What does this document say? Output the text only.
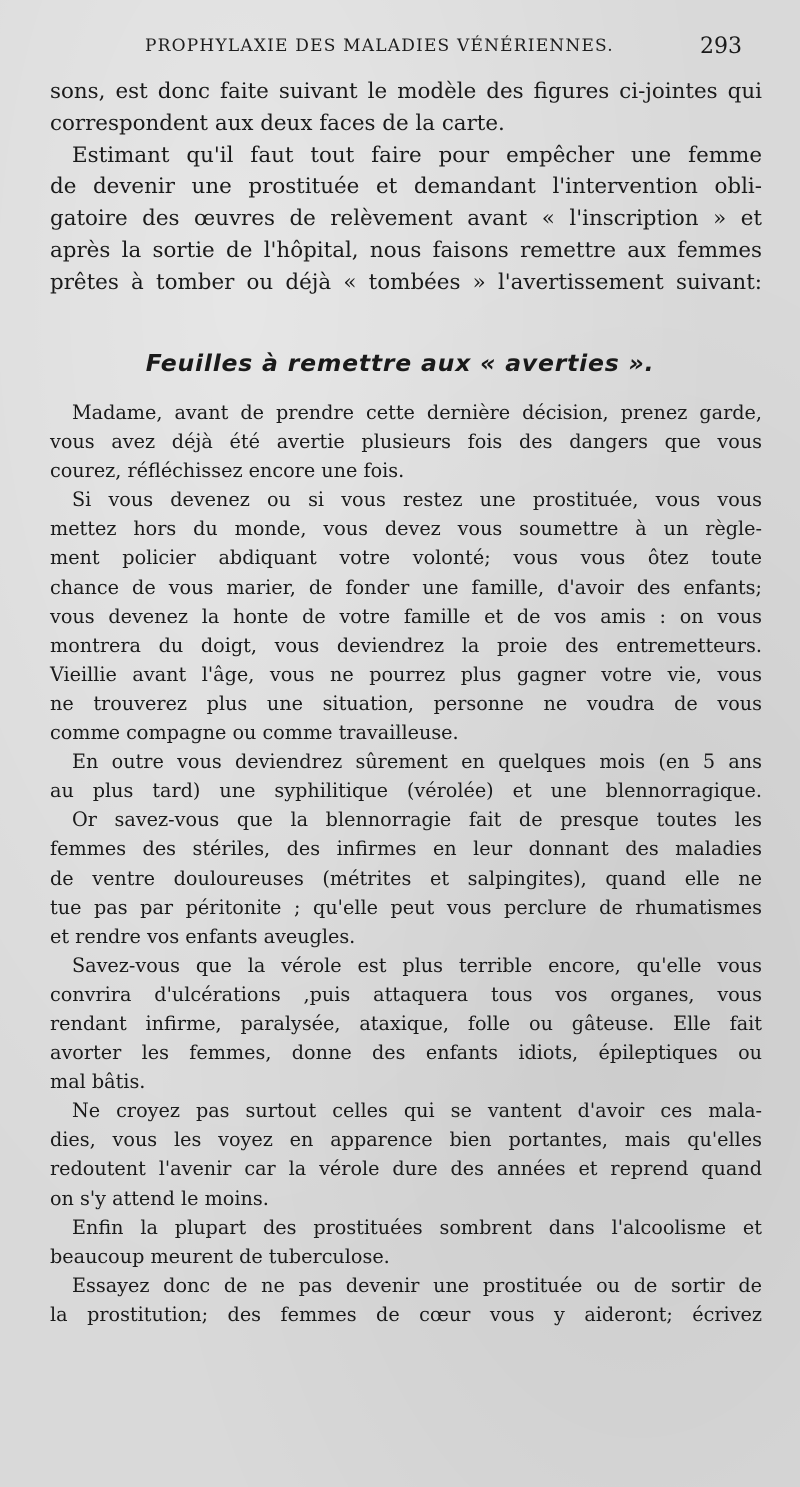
PROPHYLAXIE DES MALADIES VÉNÉRIENNES.	293

sons, est donc faite suivant le modèle des figures ci-jointes qui
correspondent aux deux faces de la carte.

Estimant qu'il faut tout faire pour empêcher une femme
de devenir une prostituée et demandant l'intervention obli-
gatoire des œuvres de relèvement avant « l'inscription » et
après la sortie de l'hôpital, nous faisons remettre aux femmes
prêtes à tomber ou déjà « tombées » l'avertissement suivant:

Feuilles à remettre aux « averties ».

Madame, avant de prendre cette dernière décision, prenez garde,
vous avez déjà été avertie plusieurs fois des dangers que vous
courez, réfléchissez encore une fois.

Si vous devenez ou si vous restez une prostituée, vous vous
mettez hors du monde, vous devez vous soumettre à un règle-
ment policier abdiquant votre volonté; vous vous ôtez toute
chance de vous marier, de fonder une famille, d'avoir des enfants;
vous devenez la honte de votre famille et de vos amis : on vous
montrera du doigt, vous deviendrez la proie des entremetteurs.
Vieillie avant l'âge, vous ne pourrez plus gagner votre vie, vous
ne trouverez plus une situation, personne ne voudra de vous
comme compagne ou comme travailleuse.

En outre vous deviendrez sûrement en quelques mois (en 5 ans
au plus tard) une syphilitique (vérolée) et une blennorragique.

Or savez-vous que la blennorragie fait de presque toutes les
femmes des stériles, des infirmes en leur donnant des maladies
de ventre douloureuses (métrites et salpingites), quand elle ne
tue pas par péritonite ; qu'elle peut vous perclure de rhumatismes
et rendre vos enfants aveugles.

Savez-vous que la vérole est plus terrible encore, qu'elle vous
convrira d'ulcérations ,puis attaquera tous vos organes, vous
rendant infirme, paralysée, ataxique, folle ou gâteuse. Elle fait
avorter les femmes, donne des enfants idiots, épileptiques ou
mal bâtis.

Ne croyez pas surtout celles qui se vantent d'avoir ces mala-
dies, vous les voyez en apparence bien portantes, mais qu'elles
redoutent l'avenir car la vérole dure des années et reprend quand
on s'y attend le moins.

Enfin la plupart des prostituées sombrent dans l'alcoolisme et
beaucoup meurent de tuberculose.

Essayez donc de ne pas devenir une prostituée ou de sortir de
la prostitution; des femmes de cœur vous y aideront; écrivez
